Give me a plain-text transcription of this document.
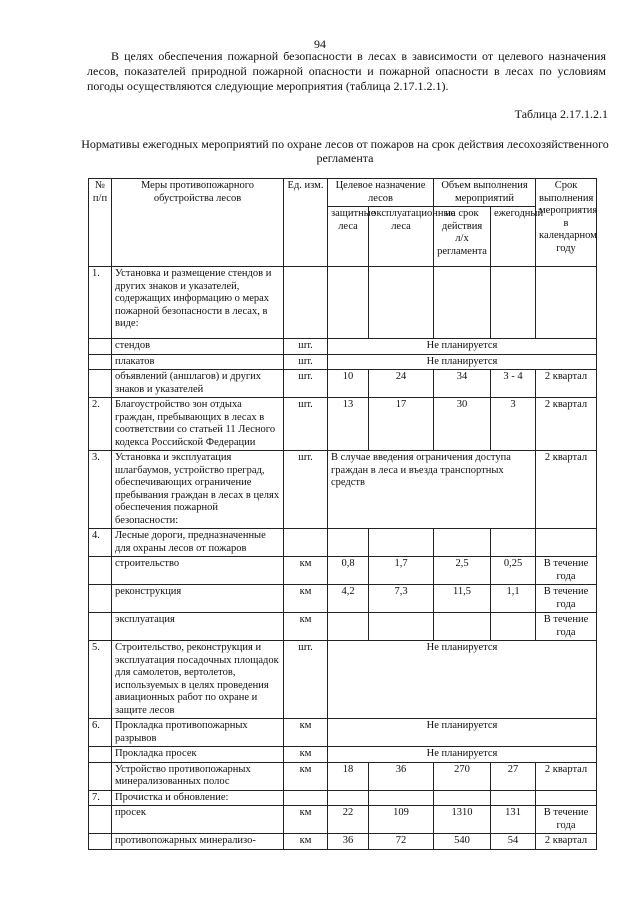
94
В целях обеспечения пожарной безопасности в лесах в зависимости от целевого назначения лесов, показателей природной пожарной опасности и пожарной опасности в лесах по условиям погоды осуществляются следующие мероприятия (таблица 2.17.1.2.1).
Таблица 2.17.1.2.1
Нормативы ежегодных мероприятий по охране лесов от пожаров на срок действия лесохозяйственного регламента
№ п/п	Меры противопожарного обустройства лесов	Ед. изм.	Целевое назначение лесов		Объем выполнения мероприятий		Срок выполнения мероприятия в календарном году
			защитные леса	эксплуатационные леса	на срок действия л/х регламента	ежегодный	

1.	Установка и размещение стендов и других знаков и указателей, содержащих информацию о мерах пожарной безопасности в лесах, в виде:						
	стендов	шт.	Не планируется				
	плакатов	шт.	Не планируется				
	объявлений (аншлагов) и других знаков и указателей	шт.	10	24	34	3 - 4	2 квартал
2.	Благоустройство зон отдыха граждан, пребывающих в лесах в соответствии со статьей 11 Лесного кодекса Российской Федерации	шт.	13	17	30	3	2 квартал
3.	Установка и эксплуатация шлагбаумов, устройство преград, обеспечивающих ограничение пребывания граждан в лесах в целях обеспечения пожарной безопасности:	шт.	В случае введения ограничения доступа граждан в леса и въезда транспортных средств				2 квартал
4.	Лесные дороги, предназначенные для охраны лесов от пожаров						
	строительство	км	0,8	1,7	2,5	0,25	В течение года
	реконструкция	км	4,2	7,3	11,5	1,1	В течение года
	эксплуатация	км					В течение года
5.	Строительство, реконструкция и эксплуатация посадочных площадок для самолетов, вертолетов, используемых в целях проведения авиационных работ по охране и защите лесов	шт.	Не планируется				
6.	Прокладка противопожарных разрывов	км	Не планируется				
	Прокладка просек	км	Не планируется				
	Устройство противопожарных минерализованных полос	км	18	36	270	27	2 квартал
7.	Прочистка и обновление:						
	просек	км	22	109	1310	131	В течение года
	противопожарных минерализо-	км	36	72	540	54	2 квартал
